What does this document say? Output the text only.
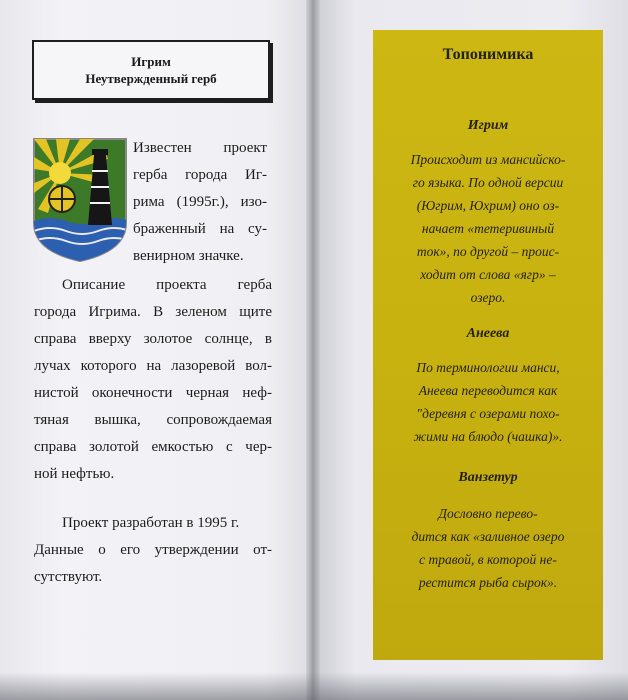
Игрим
Неутвержденный герб
Известен проект
герба города Иг-
рима (1995г.), изо-
браженный на су-
венирном значке.
Описание проекта герба
города Игрима. В зеленом щите
справа вверху золотое солнце, в
лучах которого на лазоревой вол-
нистой оконечности черная неф-
тяная вышка, сопровождаемая
справа золотой емкостью с чер-
ной нефтью.
Проект разработан в 1995 г.
Данные о его утверждении от-
сутствуют.
Топонимика
Игрим
Происходит из мансийско-
го языка. По одной версии
(Югрим, Юхрим) оно оз-
начает «тетеривиный
ток», по другой – проис-
ходит от слова «ягр» –
озеро.
Анеева
По терминологии манси,
Анеева переводится как
"деревня с озерами похо-
жими на блюдо (чашка)».
Ванзетур
Дословно перево-
дится как «заливное озеро
с травой, в которой не-
рестится рыба сырок».
